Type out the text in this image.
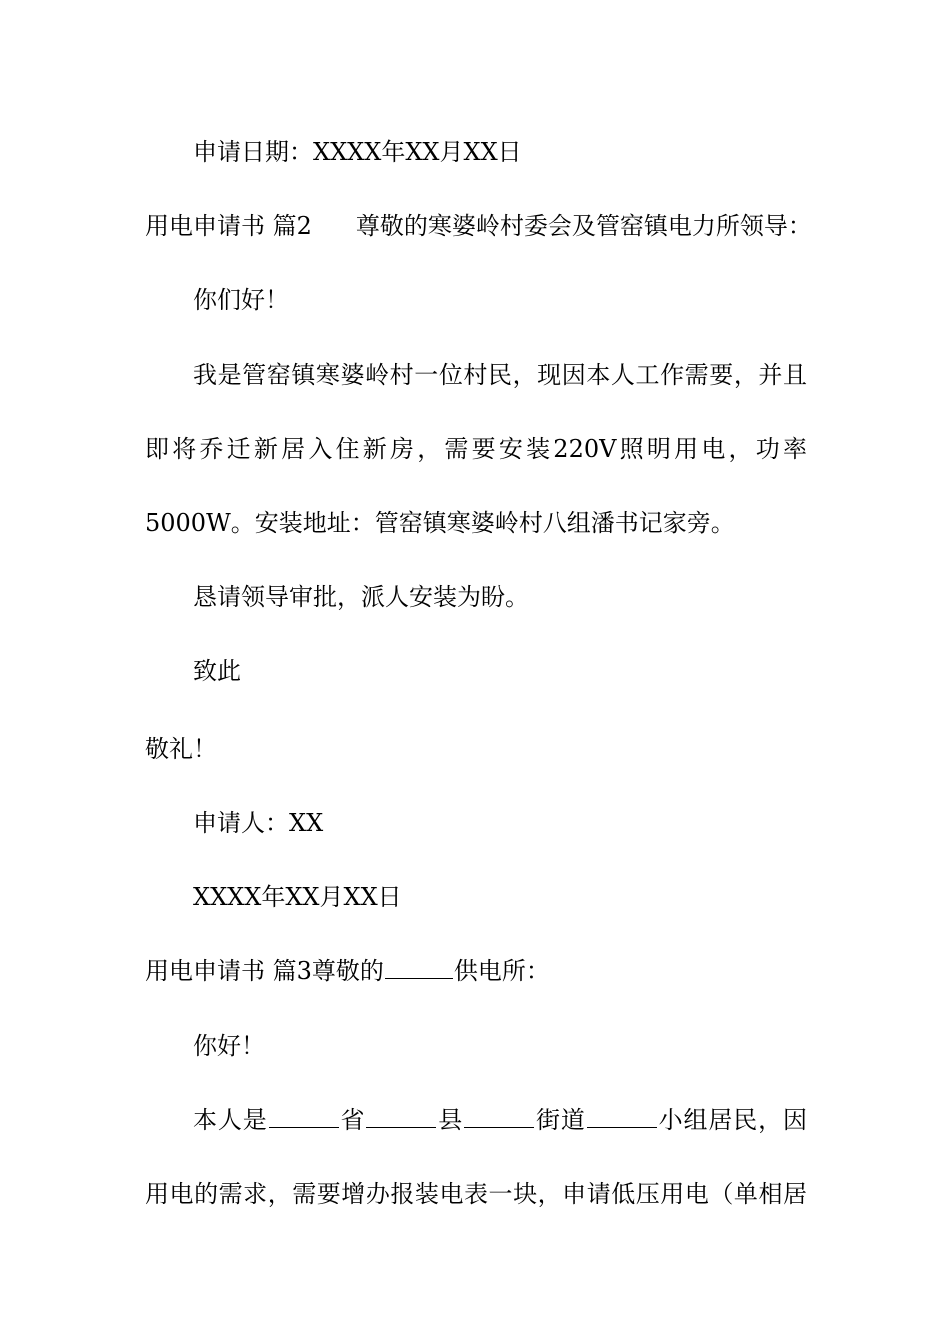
申请日期：XXXX年XX月XX日
用电申请书 篇2 尊敬的寒婆岭村委会及管窑镇电力所领导：
你们好！
我是管窑镇寒婆岭村一位村民，现因本人工作需要，并且
即将乔迁新居入住新房，需要安装220V照明用电，功率
5000W。安装地址：管窑镇寒婆岭村八组潘书记家旁。
恳请领导审批，派人安装为盼。
致此
敬礼！
申请人：XX
XXXX年XX月XX日
用电申请书 篇3尊敬的	供电所：
你好！
本人是	省	县	街道	小组居民，因
用电的需求，需要增办报装电表一块，申请低压用电（单相居
